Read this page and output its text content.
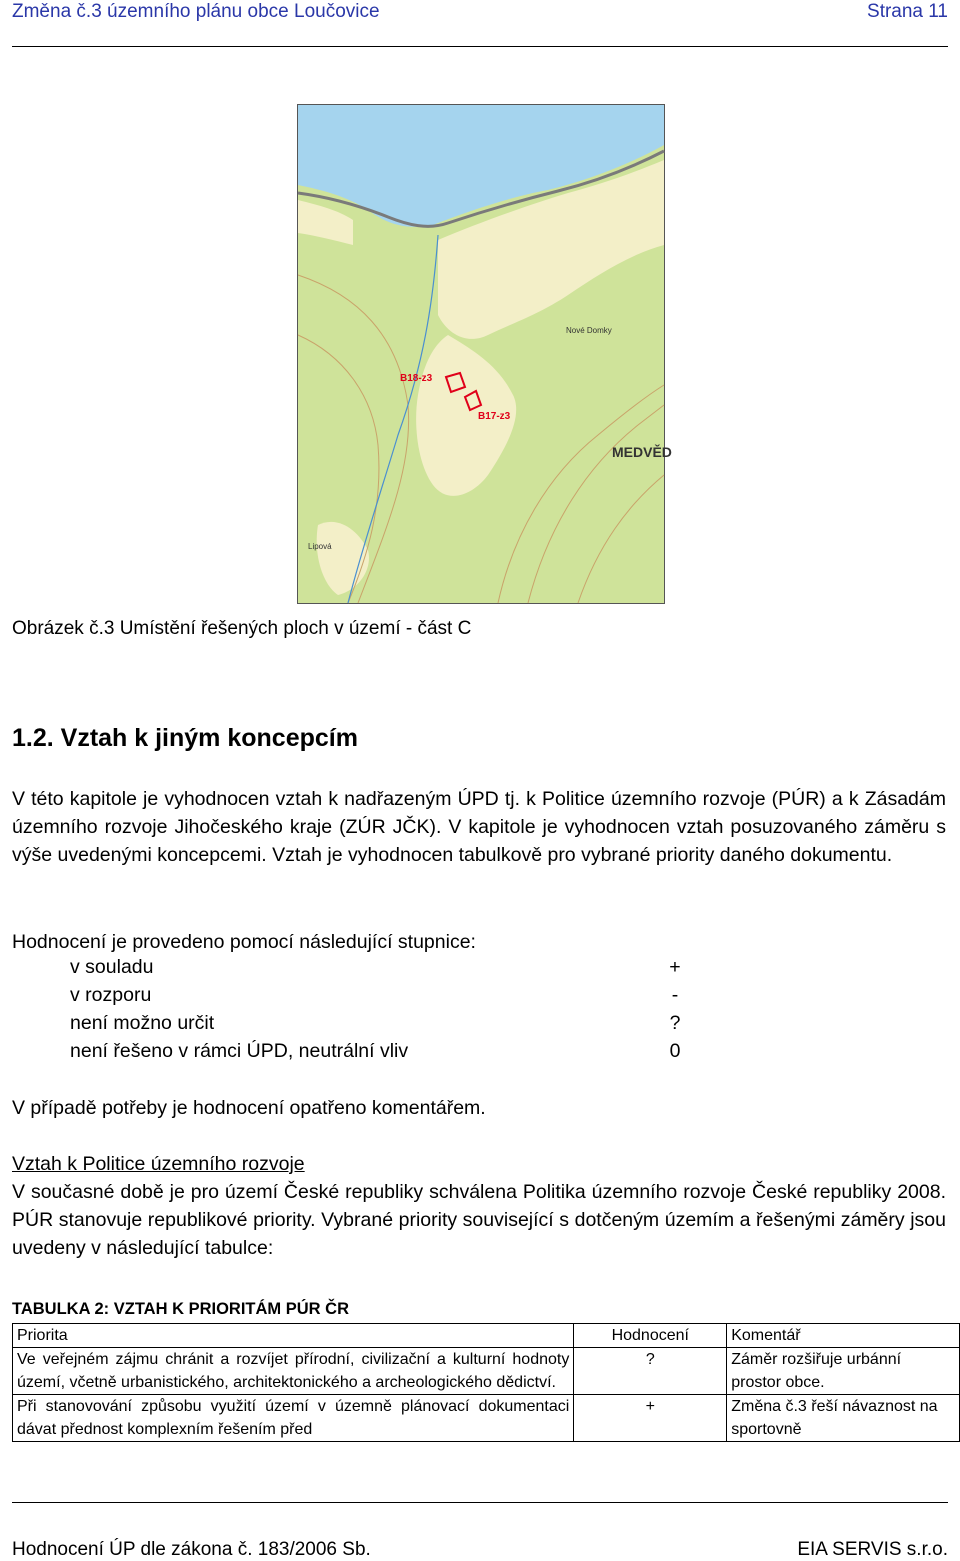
Změna č.3 územního plánu obce Loučovice	Strana 11
B18-z3
B17-z3
Nové Domky
MEDVĚD
Lipová
Obrázek č.3 Umístění řešených ploch v území - část C
1.2. Vztah k jiným koncepcím
V této kapitole je vyhodnocen vztah k nadřazeným ÚPD tj. k Politice územního rozvoje (PÚR) a k Zásadám územního rozvoje Jihočeského kraje (ZÚR JČK). V kapitole je vyhodnocen vztah posuzovaného záměru s výše uvedenými koncepcemi. Vztah je vyhodnocen tabulkově pro vybrané priority daného dokumentu.
Hodnocení je provedeno pomocí následující stupnice:
v souladu	+
v rozporu	-
není možno určit	?
není řešeno v rámci ÚPD, neutrální vliv	0
V případě potřeby je hodnocení opatřeno komentářem.
Vztah k Politice územního rozvoje
V současné době je pro území České republiky schválena Politika územního rozvoje České republiky 2008. PÚR stanovuje republikové priority. Vybrané priority související s dotčeným územím a řešenými záměry jsou uvedeny v následující tabulce:
TABULKA 2: VZTAH K PRIORITÁM PÚR ČR
Priorita	Hodnocení	Komentář
Ve veřejném zájmu chránit a rozvíjet přírodní, civilizační a kulturní hodnoty území, včetně urbanistického, architektonického a archeologického dědictví.	?	Záměr rozšiřuje urbánní prostor obce.
Při stanovování způsobu využití území v územně plánovací dokumentaci dávat přednost komplexním řešením před	+	Změna č.3 řeší návaznost na sportovně
Hodnocení ÚP dle zákona č. 183/2006 Sb.	EIA SERVIS s.r.o.
